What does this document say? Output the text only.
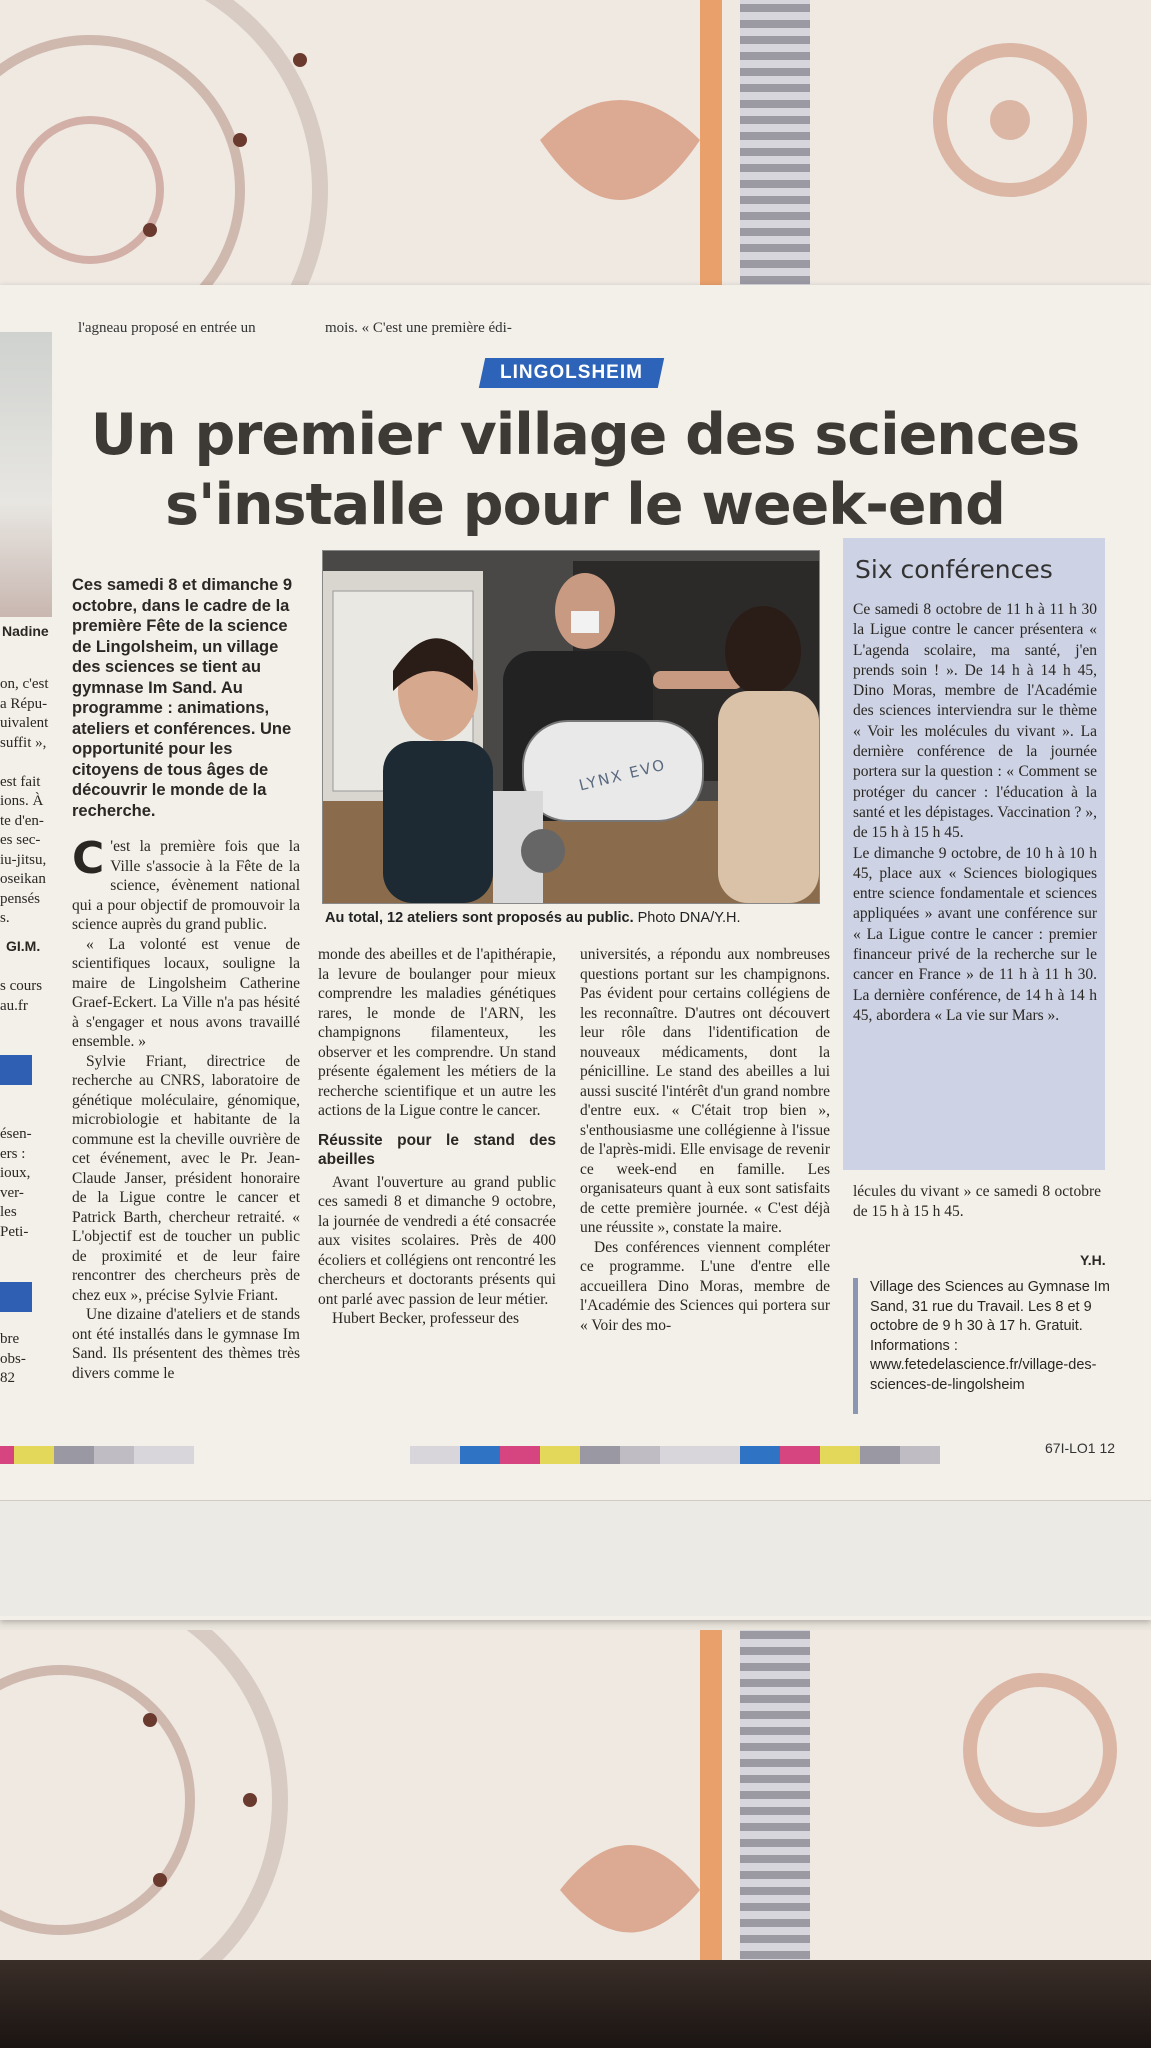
l'agneau proposé en entrée un	mois. « C'est une première édi-
Nadine
on, c'est
a Répu-
uivalent
suffit »,

est fait
ions. À
te d'en-
es sec-
iu-jitsu,
oseikan
pensés
s.
GI.M.
s cours
au.fr
ésen-
ers :
ioux,
ver-
les
Peti-
bre
obs-
82
LINGOLSHEIM
Un premier village des sciences
s'installe pour le week-end
Ces samedi 8 et dimanche 9 octobre, dans le cadre de la première Fête de la science de Lingolsheim, un village des sciences se tient au gymnase Im Sand. Au programme : animations, ateliers et conférences. Une opportunité pour les citoyens de tous âges de découvrir le monde de la recherche.

C 'est la première fois que la Ville s'associe à la Fête de la science, évènement national qui a pour objectif de promouvoir la science auprès du grand public.

« La volonté est venue de scientifiques locaux, souligne la maire de Lingolsheim Catherine Graef-Eckert. La Ville n'a pas hésité à s'engager et nous avons travaillé ensemble. »

Sylvie Friant, directrice de recherche au CNRS, laboratoire de génétique moléculaire, génomique, microbiologie et habitante de la commune est la cheville ouvrière de cet événement, avec le Pr. Jean-Claude Janser, président honoraire de la Ligue contre le cancer et Patrick Barth, chercheur retraité. « L'objectif est de toucher un public de proximité et de leur faire rencontrer des chercheurs près de chez eux », précise Sylvie Friant.

Une dizaine d'ateliers et de stands ont été installés dans le gymnase Im Sand. Ils présentent des thèmes très divers comme le

LYNX EVO
Au total, 12 ateliers sont proposés au public. Photo DNA/Y.H.

monde des abeilles et de l'apithérapie, la levure de boulanger pour mieux comprendre les maladies génétiques rares, le monde de l'ARN, les champignons filamenteux, les observer et les comprendre. Un stand présente également les métiers de la recherche scientifique et un autre les actions de la Ligue contre le cancer.

Réussite pour le stand des abeilles

Avant l'ouverture au grand public ces samedi 8 et dimanche 9 octobre, la journée de vendredi a été consacrée aux visites scolaires. Près de 400 écoliers et collégiens ont rencontré les chercheurs et doctorants présents qui ont parlé avec passion de leur métier.

Hubert Becker, professeur des

universités, a répondu aux nombreuses questions portant sur les champignons. Pas évident pour certains collégiens de les reconnaître. D'autres ont découvert leur rôle dans l'identification de nouveaux médicaments, dont la pénicilline. Le stand des abeilles a lui aussi suscité l'intérêt d'un grand nombre d'entre eux. « C'était trop bien », s'enthousiasme une collégienne à l'issue de l'après-midi. Elle envisage de revenir ce week-end en famille. Les organisateurs quant à eux sont satisfaits de cette première journée. « C'est déjà une réussite », constate la maire.

Des conférences viennent compléter ce programme. L'une d'entre elle accueillera Dino Moras, membre de l'Académie des Sciences qui portera sur « Voir des mo-

Six conférences

Ce samedi 8 octobre de 11 h à 11 h 30 la Ligue contre le cancer présentera « L'agenda scolaire, ma santé, j'en prends soin ! ». De 14 h à 14 h 45, Dino Moras, membre de l'Académie des sciences interviendra sur le thème « Voir les molécules du vivant ». La dernière conférence de la journée portera sur la question : « Comment se protéger du cancer : l'éducation à la santé et les dépistages. Vaccination ? », de 15 h à 15 h 45.

Le dimanche 9 octobre, de 10 h à 10 h 45, place aux « Sciences biologiques entre science fondamentale et sciences appliquées » avant une conférence sur « La Ligue contre le cancer : premier financeur privé de la recherche sur le cancer en France » de 11 h à 11 h 30. La dernière conférence, de 14 h à 14 h 45, abordera « La vie sur Mars ».

lécules du vivant » ce samedi 8 octobre de 15 h à 15 h 45.

Y.H.
Village des Sciences au Gymnase Im Sand, 31 rue du Travail. Les 8 et 9 octobre de 9 h 30 à 17 h. Gratuit. Informations : www.fetedelascience.fr/village-des-sciences-de-lingolsheim
67I-LO1 12
